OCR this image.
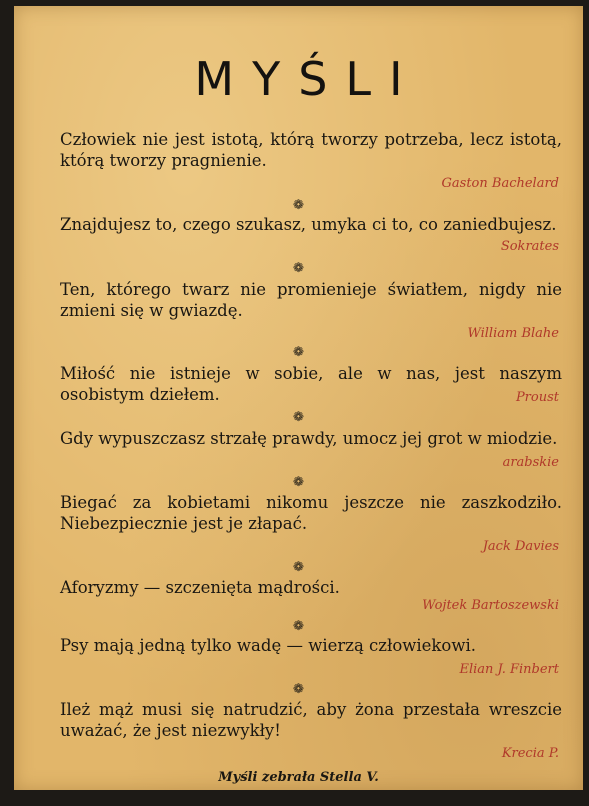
MYŚLI
Człowiek nie jest istotą, którą tworzy potrzeba, lecz istotą, którą tworzy pragnienie.
Gaston Bachelard
❁
Znajdujesz to, czego szukasz, umyka ci to, co zaniedbujesz.
Sokrates
❁
Ten, którego twarz nie promienieje światłem, nigdy nie zmieni się w gwiazdę.
William Blahe
❁
Miłość nie istnieje w sobie, ale w nas, jest naszym osobistym dziełem.	Proust
❁
Gdy wypuszczasz strzałę prawdy, umocz jej grot w miodzie.
arabskie
❁
Biegać za kobietami nikomu jeszcze nie zaszkodziło. Niebezpiecznie jest je złapać.
Jack Davies
❁
Aforyzmy — szczenięta mądrości.
Wojtek Bartoszewski
❁
Psy mają jedną tylko wadę — wierzą człowiekowi.
Elian J. Finbert
❁
Ileż mąż musi się natrudzić, aby żona przestała wreszcie uważać, że jest niezwykły!
Krecia P.
Myśli zebrała Stella V.
